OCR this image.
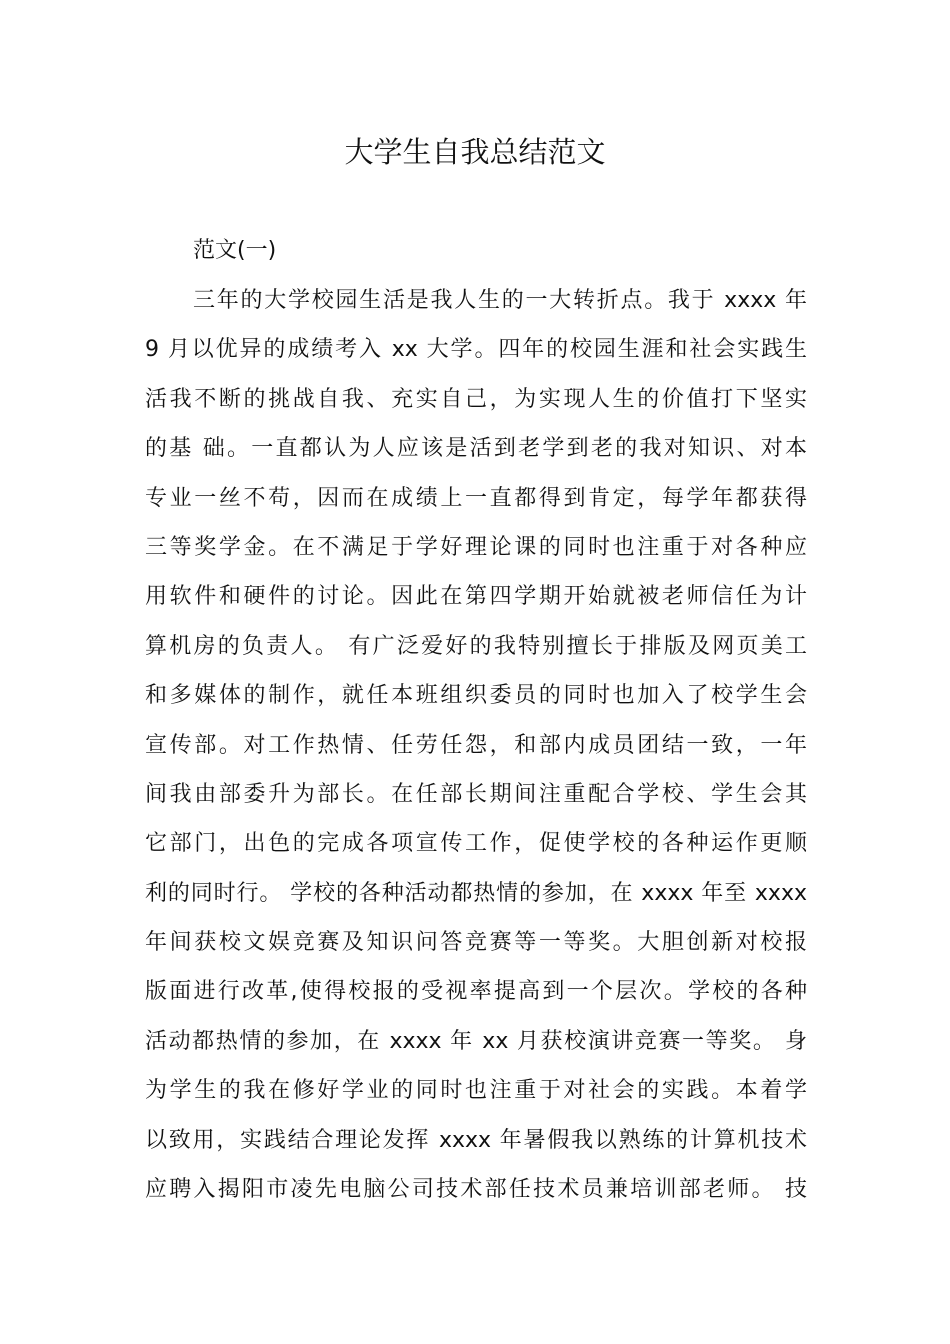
大学生自我总结范文
范文(一)
三年的大学校园生活是我人生的一大转折点。我于 xxxx 年
9 月以优异的成绩考入 xx 大学。四年的校园生涯和社会实践生
活我不断的挑战自我、充实自己，为实现人生的价值打下坚实
的基 础。一直都认为人应该是活到老学到老的我对知识、对本
专业一丝不苟，因而在成绩上一直都得到肯定，每学年都获得
三等奖学金。在不满足于学好理论课的同时也注重于对各种应
用软件和硬件的讨论。因此在第四学期开始就被老师信任为计
算机房的负责人。 有广泛爱好的我特别擅长于排版及网页美工
和多媒体的制作，就任本班组织委员的同时也加入了校学生会
宣传部。对工作热情、任劳任怨，和部内成员团结一致，一年
间我由部委升为部长。在任部长期间注重配合学校、学生会其
它部门，出色的完成各项宣传工作，促使学校的各种运作更顺
利的同时行。 学校的各种活动都热情的参加，在 xxxx 年至 xxxx
年间获校文娱竞赛及知识问答竞赛等一等奖。大胆创新对校报
版面进行改革,使得校报的受视率提高到一个层次。学校的各种
活动都热情的参加，在 xxxx 年 xx 月获校演讲竞赛一等奖。 身
为学生的我在修好学业的同时也注重于对社会的实践。本着学
以致用，实践结合理论发挥 xxxx 年暑假我以熟练的计算机技术
应聘入揭阳市凌先电脑公司技术部任技术员兼培训部老师。 技
